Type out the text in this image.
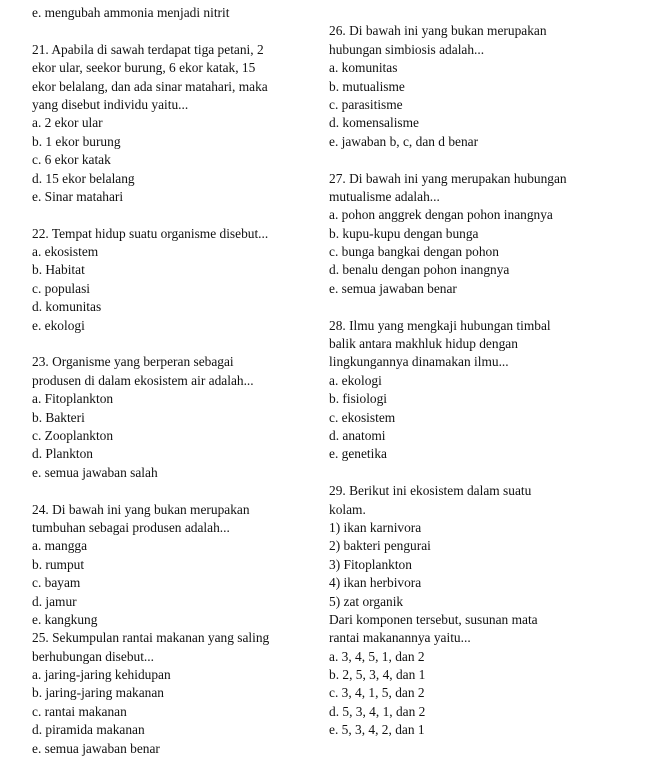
e. mengubah ammonia menjadi nitrit
21. Apabila di sawah terdapat tiga petani, 2
ekor ular, seekor burung, 6 ekor katak, 15
ekor belalang, dan ada sinar matahari, maka
yang disebut individu yaitu...
a. 2 ekor ular
b. 1 ekor burung
c. 6 ekor katak
d. 15 ekor belalang
e. Sinar matahari
22. Tempat hidup suatu organisme disebut...
a. ekosistem
b. Habitat
c. populasi
d. komunitas
e. ekologi
23. Organisme yang berperan sebagai
produsen di dalam ekosistem air adalah...
a. Fitoplankton
b. Bakteri
c. Zooplankton
d. Plankton
e. semua jawaban salah
24. Di bawah ini yang bukan merupakan
tumbuhan sebagai produsen adalah...
a. mangga
b. rumput
c. bayam
d. jamur
e. kangkung
25. Sekumpulan rantai makanan yang saling
berhubungan disebut...
a. jaring-jaring kehidupan
b. jaring-jaring makanan
c. rantai makanan
d. piramida makanan
e. semua jawaban benar
26. Di bawah ini yang bukan merupakan
hubungan simbiosis adalah...
a. komunitas
b. mutualisme
c. parasitisme
d. komensalisme
e. jawaban b, c, dan d benar
27. Di bawah ini yang merupakan hubungan
mutualisme adalah...
a. pohon anggrek dengan pohon inangnya
b. kupu-kupu dengan bunga
c. bunga bangkai dengan pohon
d. benalu dengan pohon inangnya
e. semua jawaban benar
28. Ilmu yang mengkaji hubungan timbal
balik antara makhluk hidup dengan
lingkungannya dinamakan ilmu...
a. ekologi
b. fisiologi
c. ekosistem
d. anatomi
e. genetika
29. Berikut ini ekosistem dalam suatu
kolam.
1) ikan karnivora
2) bakteri pengurai
3) Fitoplankton
4) ikan herbivora
5) zat organik
Dari komponen tersebut, susunan mata
rantai makanannya yaitu...
a. 3, 4, 5, 1, dan 2
b. 2, 5, 3, 4, dan 1
c. 3, 4, 1, 5, dan 2
d. 5, 3, 4, 1, dan 2
e. 5, 3, 4, 2, dan 1
